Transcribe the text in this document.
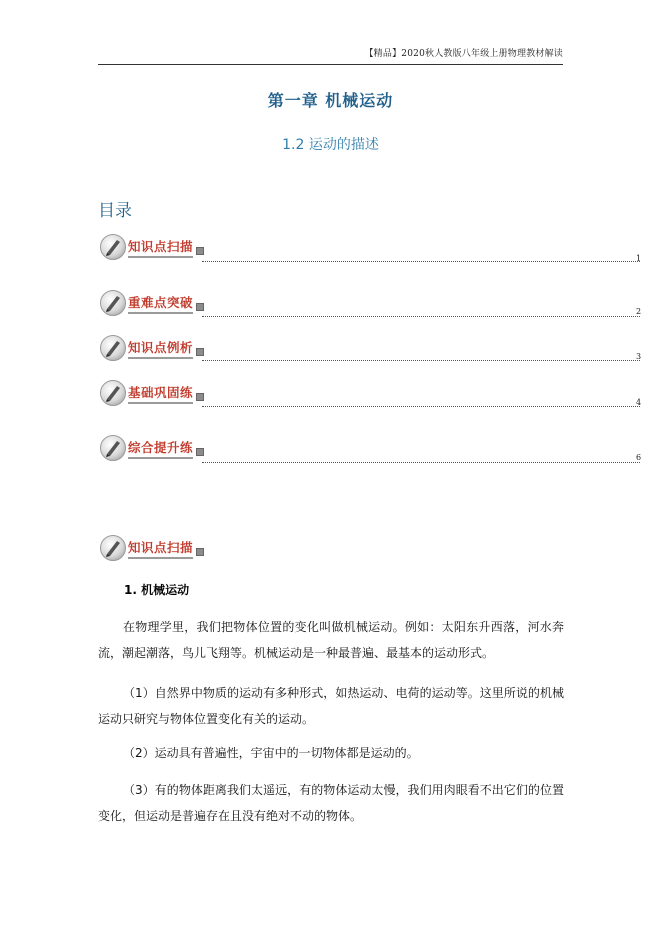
【精品】2020秋人教版八年级上册物理教材解读
第一章 机械运动
1.2 运动的描述
目录
知识点扫描
1
重难点突破
2
知识点例析
3
基础巩固练
4
综合提升练
6
知识点扫描
1. 机械运动
在物理学里，我们把物体位置的变化叫做机械运动。例如：太阳东升西落，河水奔流，潮起潮落，鸟儿飞翔等。机械运动是一种最普遍、最基本的运动形式。
（1）自然界中物质的运动有多种形式，如热运动、电荷的运动等。这里所说的机械运动只研究与物体位置变化有关的运动。
（2）运动具有普遍性，宇宙中的一切物体都是运动的。
（3）有的物体距离我们太遥远，有的物体运动太慢，我们用肉眼看不出它们的位置变化，但运动是普遍存在且没有绝对不动的物体。
